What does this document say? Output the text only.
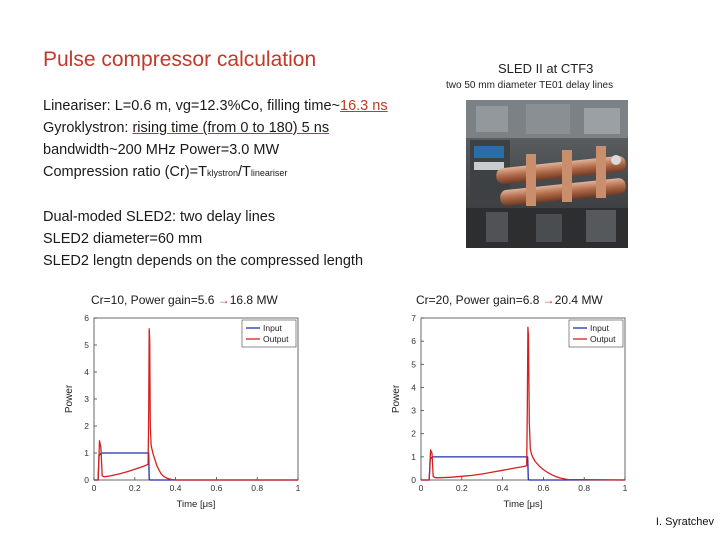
Pulse compressor calculation	SLED II at CTF3
two 50 mm diameter TE01 delay lines
Lineariser: L=0.6 m, vg=12.3%Co, filling time~16.3 ns
Gyroklystron: rising time (from 0 to 180) 5 ns
bandwidth~200 MHz Power=3.0 MW
Compression ratio (Cr)=Tklystron/Tlineariser
Dual-moded SLED2: two delay lines
SLED2 diameter=60 mm
SLED2 lengtn depends on the compressed length
Cr=10, Power gain=5.6 →16.8 MW	Cr=20, Power gain=6.8 →20.4 MW
0	0.2	0.4	0.6	0.8	1
0
1
2
3
4
5
6
Time [μs]
Power
Input
Output
0	0.2	0.4	0.6	0.8	1
0
1
2
3
4
5
6
7
Time [μs]
Power
Input
Output
I. Syratchev
